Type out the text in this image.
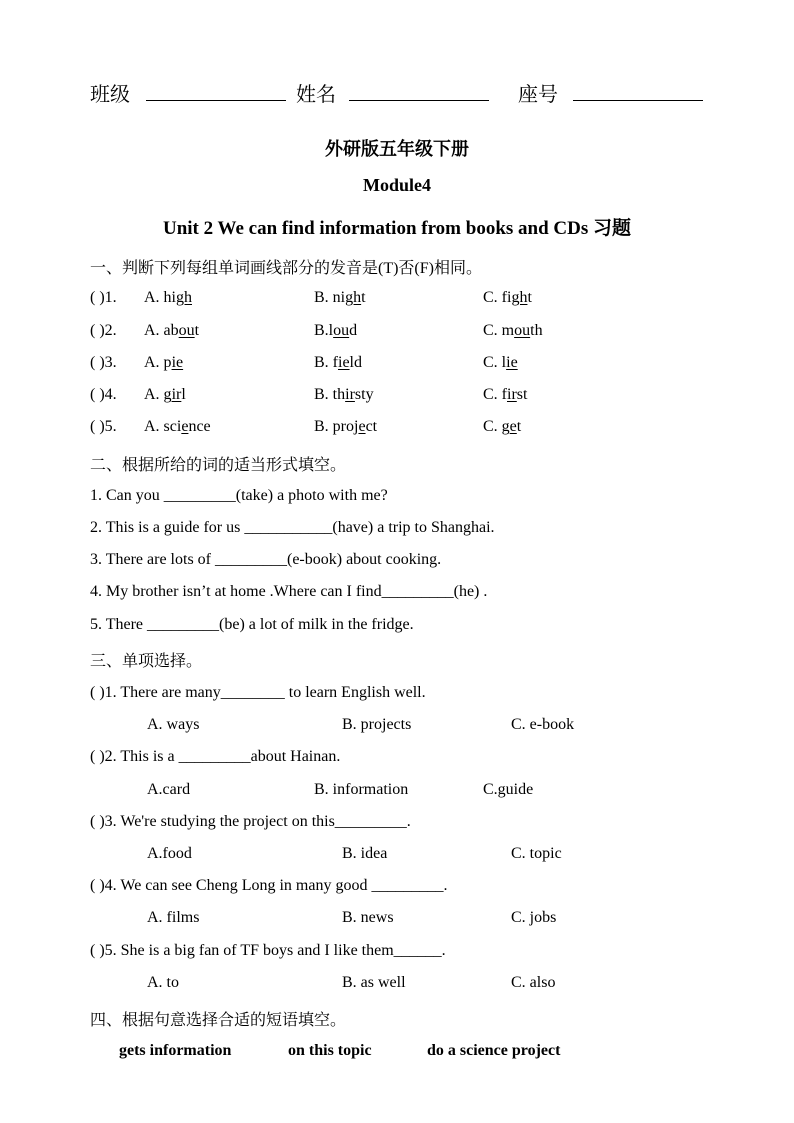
班级	姓名	座号
外研版五年级下册
Module4
Unit 2 We can find information from books and CDs 习题
一、判断下列每组单词画线部分的发音是(T)否(F)相同。
( )1. A. high	B. night	C. fight
( )2. A. about	B.loud	C. mouth
( )3. A. pie	B. field	C. lie
( )4. A. girl	B. thirsty	C. first
( )5. A. science	B. project	C. get
二、根据所给的词的适当形式填空。
1. Can you _________(take) a photo with me?
2. This is a guide for us ___________(have) a trip to Shanghai.
3. There are lots of _________(e-book) about cooking.
4. My brother isn’t at home .Where can I find_________(he) .
5. There _________(be) a lot of milk in the fridge.
三、单项选择。
( )1. There are many________ to learn English well.
A. ways	B. projects	C. e-book
( )2. This is a _________about Hainan.
A.card	B. information	C.guide
( )3. We're studying the project on this_________.
A.food	B. idea	C. topic
( )4. We can see Cheng Long in many good _________.
A. films	B. news	C. jobs
( )5. She is a big fan of TF boys and I like them______.
A. to	B. as well	C. also
四、根据句意选择合适的短语填空。
gets information	on this topic	do a science project
